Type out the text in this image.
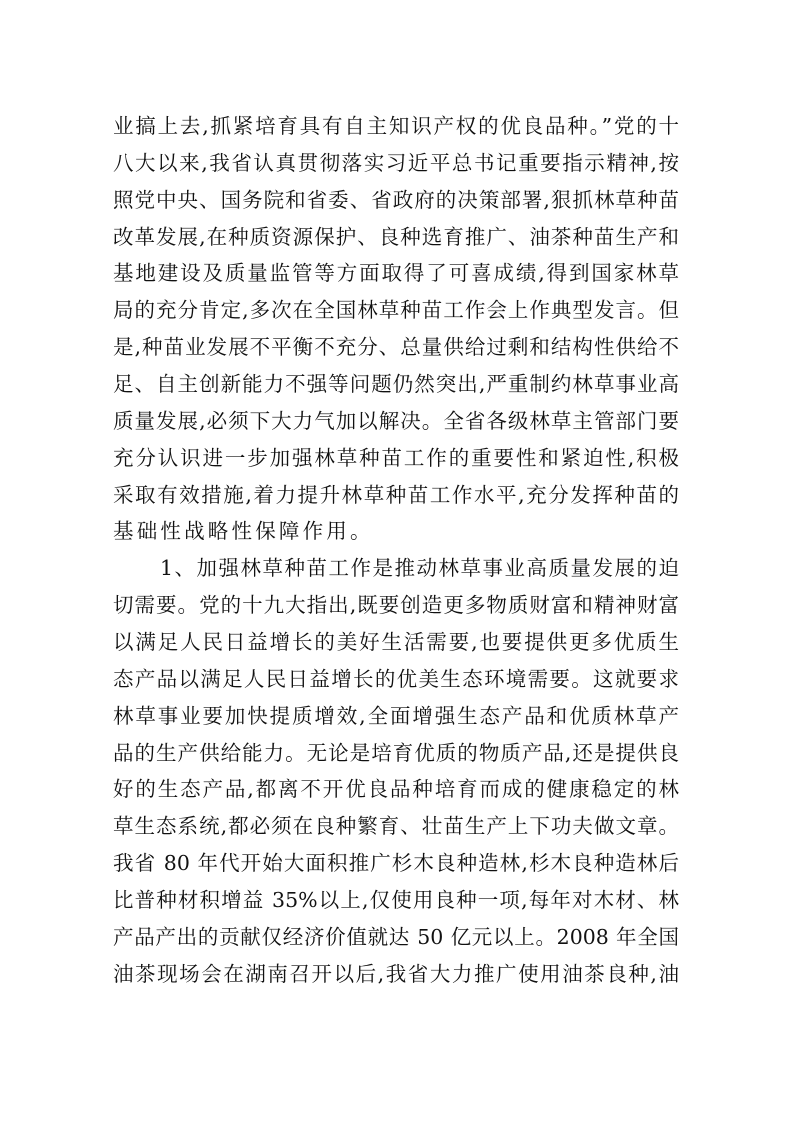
业搞上去,抓紧培育具有自主知识产权的优良品种。”党的十
八大以来,我省认真贯彻落实习近平总书记重要指示精神,按
照党中央、国务院和省委、省政府的决策部署,狠抓林草种苗
改革发展,在种质资源保护、良种选育推广、油茶种苗生产和
基地建设及质量监管等方面取得了可喜成绩,得到国家林草
局的充分肯定,多次在全国林草种苗工作会上作典型发言。但
是,种苗业发展不平衡不充分、总量供给过剩和结构性供给不
足、自主创新能力不强等问题仍然突出,严重制约林草事业高
质量发展,必须下大力气加以解决。全省各级林草主管部门要
充分认识进一步加强林草种苗工作的重要性和紧迫性,积极
采取有效措施,着力提升林草种苗工作水平,充分发挥种苗的
基础性战略性保障作用。
1、加强林草种苗工作是推动林草事业高质量发展的迫
切需要。党的十九大指出,既要创造更多物质财富和精神财富
以满足人民日益增长的美好生活需要,也要提供更多优质生
态产品以满足人民日益增长的优美生态环境需要。这就要求
林草事业要加快提质增效,全面增强生态产品和优质林草产
品的生产供给能力。无论是培育优质的物质产品,还是提供良
好的生态产品,都离不开优良品种培育而成的健康稳定的林
草生态系统,都必须在良种繁育、壮苗生产上下功夫做文章。
我省 80 年代开始大面积推广杉木良种造林,杉木良种造林后
比普种材积增益 35%以上,仅使用良种一项,每年对木材、林
产品产出的贡献仅经济价值就达 50 亿元以上。2008 年全国
油茶现场会在湖南召开以后,我省大力推广使用油茶良种,油
